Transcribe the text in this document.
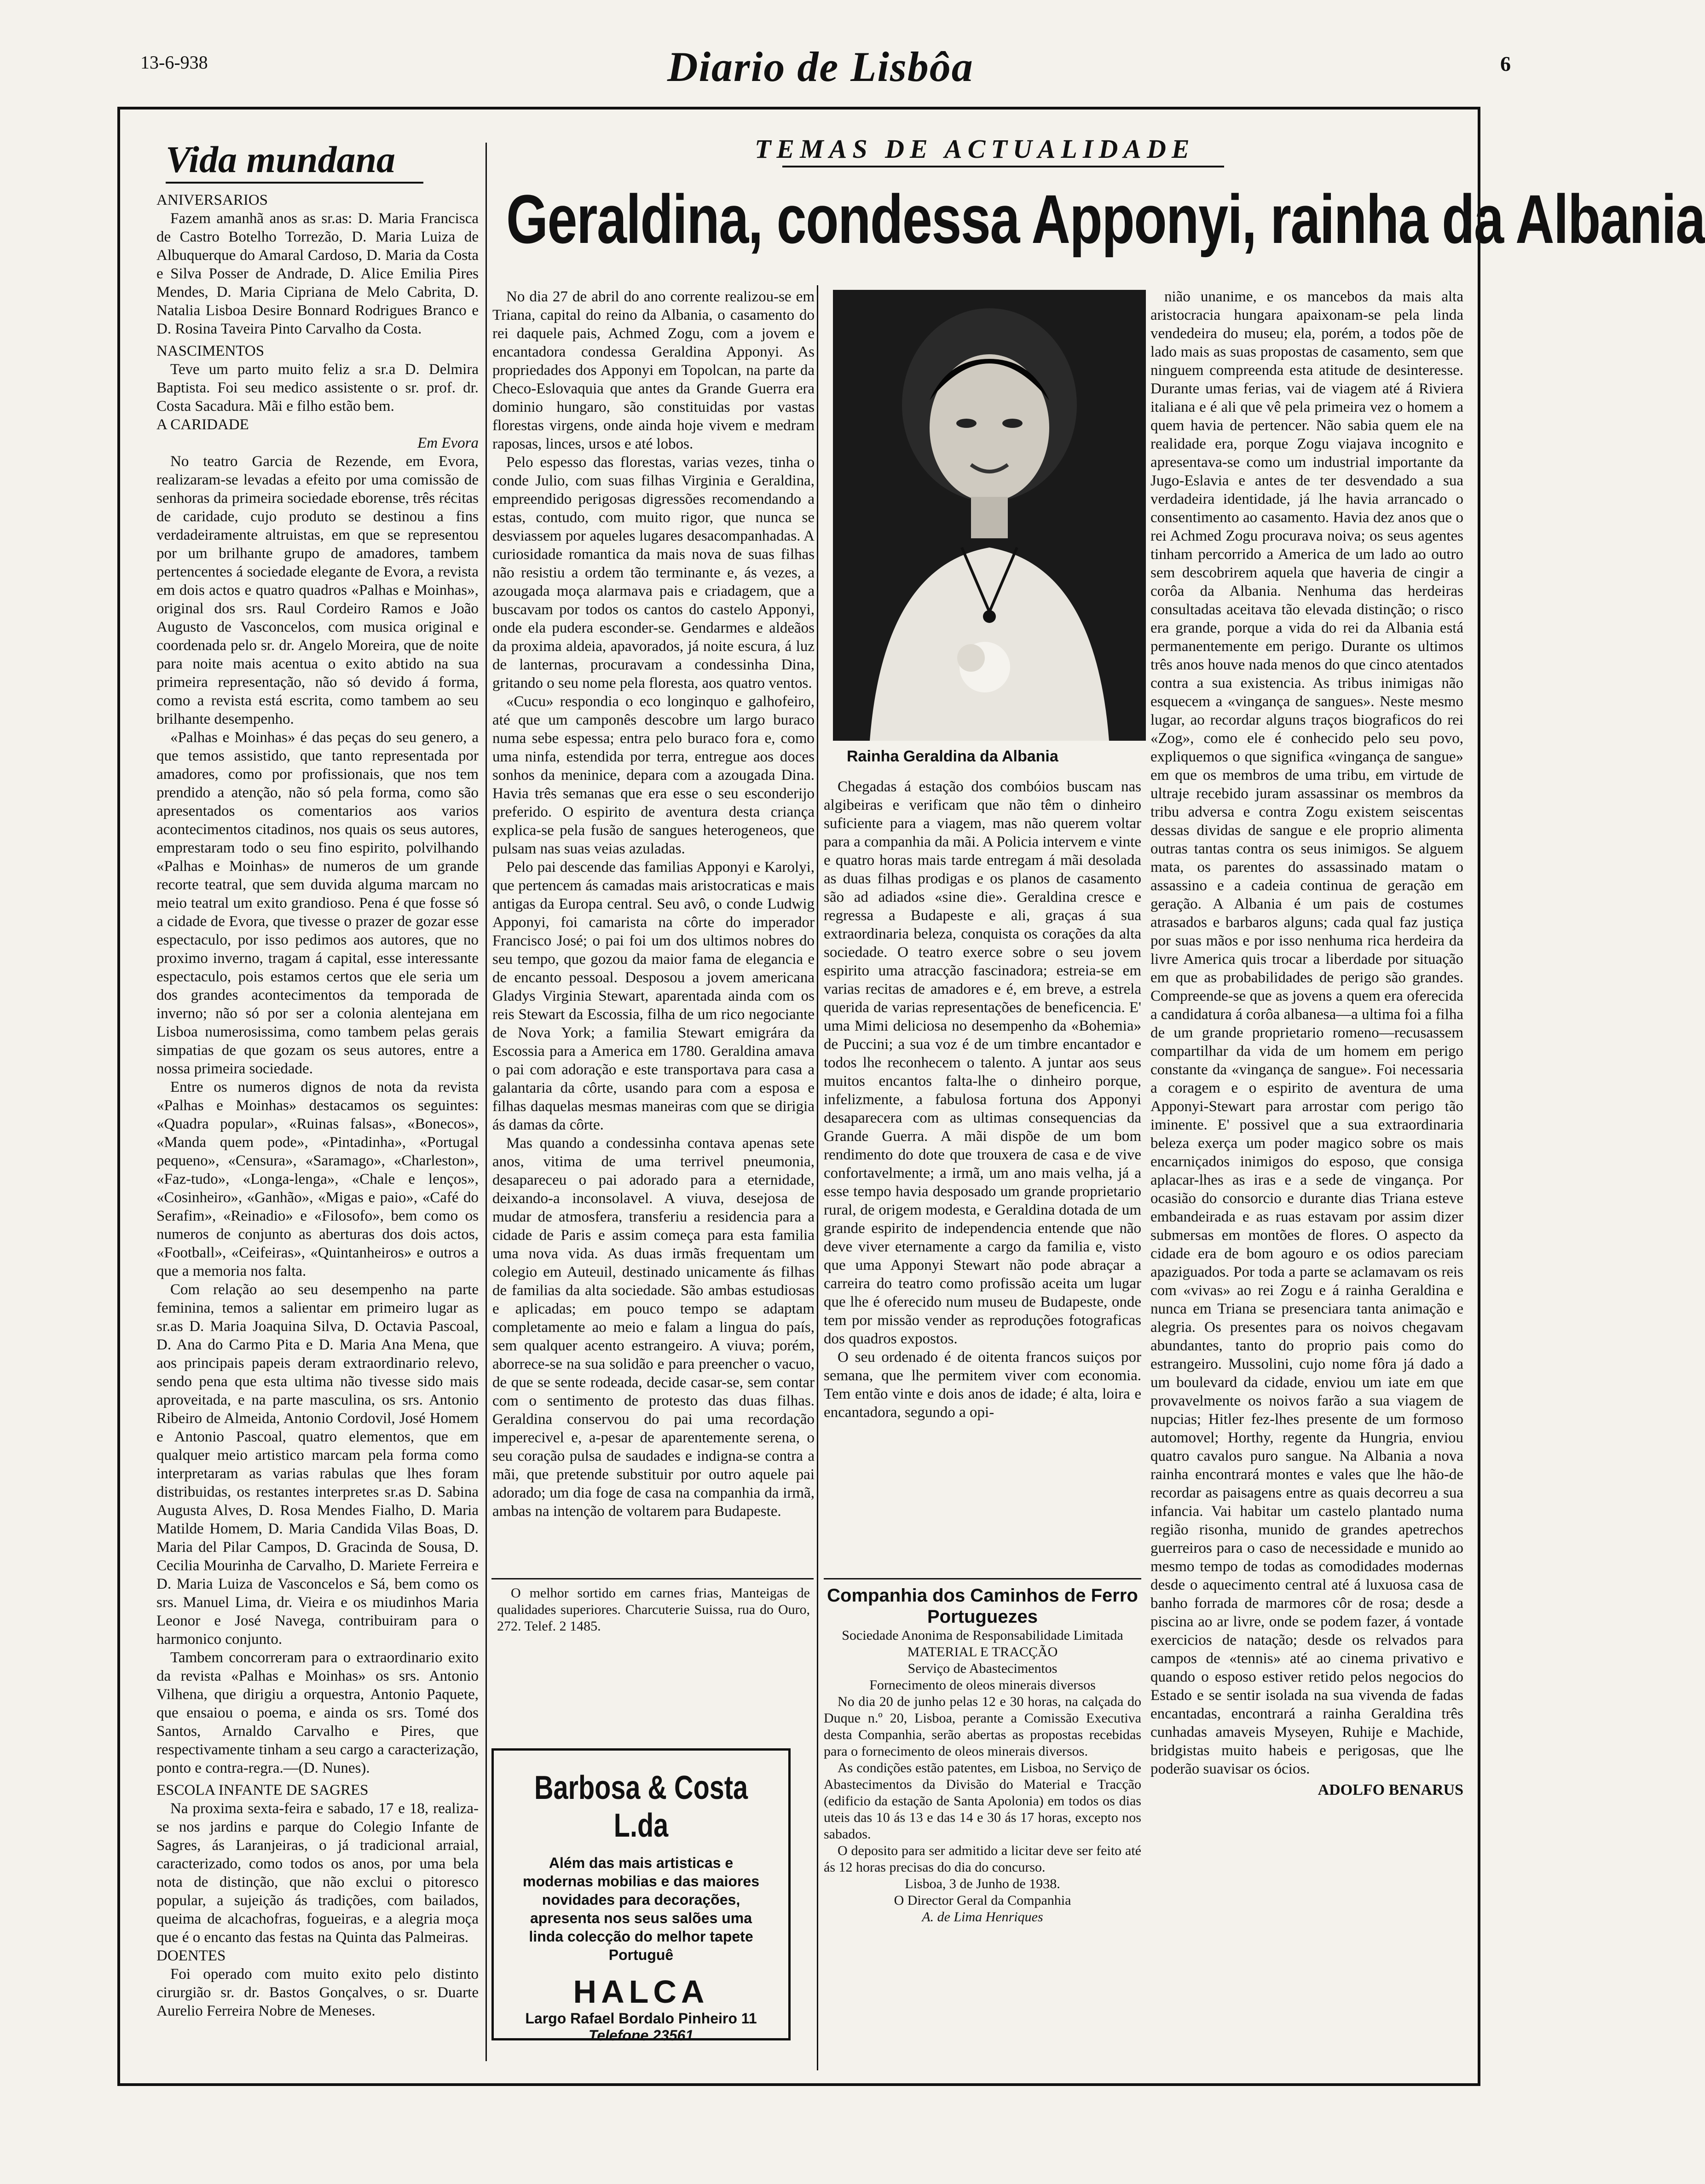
13-6-938	Diario de Lisbôa	6
Vida mundana
ANIVERSARIOS

Fazem amanhã anos as sr.as: D. Maria Francisca de Castro Botelho Torrezão, D. Maria Luiza de Albuquerque do Amaral Cardoso, D. Maria da Costa e Silva Posser de Andrade, D. Alice Emilia Pires Mendes, D. Maria Cipriana de Melo Cabrita, D. Natalia Lisboa Desire Bonnard Rodrigues Branco e D. Rosina Taveira Pinto Carvalho da Costa.

NASCIMENTOS

Teve um parto muito feliz a sr.a D. Delmira Baptista. Foi seu medico assistente o sr. prof. dr. Costa Sacadura. Mãi e filho estão bem.

A CARIDADE
Em Evora

No teatro Garcia de Rezende, em Evora, realizaram-se levadas a efeito por uma comissão de senhoras da primeira sociedade eborense, três récitas de caridade, cujo produto se destinou a fins verdadeiramente altruistas, em que se representou por um brilhante grupo de amadores, tambem pertencentes á sociedade elegante de Evora, a revista em dois actos e quatro quadros «Palhas e Moinhas», original dos srs. Raul Cordeiro Ramos e João Augusto de Vasconcelos, com musica original e coordenada pelo sr. dr. Angelo Moreira, que de noite para noite mais acentua o exito abtido na sua primeira representação, não só devido á forma, como a revista está escrita, como tambem ao seu brilhante desempenho.

«Palhas e Moinhas» é das peças do seu genero, a que temos assistido, que tanto representada por amadores, como por profissionais, que nos tem prendido a atenção, não só pela forma, como são apresentados os comentarios aos varios acontecimentos citadinos, nos quais os seus autores, emprestaram todo o seu fino espirito, polvilhando «Palhas e Moinhas» de numeros de um grande recorte teatral, que sem duvida alguma marcam no meio teatral um exito grandioso. Pena é que fosse só a cidade de Evora, que tivesse o prazer de gozar esse espectaculo, por isso pedimos aos autores, que no proximo inverno, tragam á capital, esse interessante espectaculo, pois estamos certos que ele seria um dos grandes acontecimentos da temporada de inverno; não só por ser a colonia alentejana em Lisboa numerosissima, como tambem pelas gerais simpatias de que gozam os seus autores, entre a nossa primeira sociedade.

Entre os numeros dignos de nota da revista «Palhas e Moinhas» destacamos os seguintes: «Quadra popular», «Ruinas falsas», «Bonecos», «Manda quem pode», «Pintadinha», «Portugal pequeno», «Censura», «Saramago», «Charleston», «Faz-tudo», «Longa-lenga», «Chale e lenços», «Cosinheiro», «Ganhão», «Migas e paio», «Café do Serafim», «Reinadio» e «Filosofo», bem como os numeros de conjunto as aberturas dos dois actos, «Football», «Ceifeiras», «Quintanheiros» e outros a que a memoria nos falta.

Com relação ao seu desempenho na parte feminina, temos a salientar em primeiro lugar as sr.as D. Maria Joaquina Silva, D. Octavia Pascoal, D. Ana do Carmo Pita e D. Maria Ana Mena, que aos principais papeis deram extraordinario relevo, sendo pena que esta ultima não tivesse sido mais aproveitada, e na parte masculina, os srs. Antonio Ribeiro de Almeida, Antonio Cordovil, José Homem e Antonio Pascoal, quatro elementos, que em qualquer meio artistico marcam pela forma como interpretaram as varias rabulas que lhes foram distribuidas, os restantes interpretes sr.as D. Sabina Augusta Alves, D. Rosa Mendes Fialho, D. Maria Matilde Homem, D. Maria Candida Vilas Boas, D. Maria del Pilar Campos, D. Gracinda de Sousa, D. Cecilia Mourinha de Carvalho, D. Mariete Ferreira e D. Maria Luiza de Vasconcelos e Sá, bem como os srs. Manuel Lima, dr. Vieira e os miudinhos Maria Leonor e José Navega, contribuiram para o harmonico conjunto.

Tambem concorreram para o extraordinario exito da revista «Palhas e Moinhas» os srs. Antonio Vilhena, que dirigiu a orquestra, Antonio Paquete, que ensaiou o poema, e ainda os srs. Tomé dos Santos, Arnaldo Carvalho e Pires, que respectivamente tinham a seu cargo a caracterização, ponto e contra-regra.—(D. Nunes).

ESCOLA INFANTE DE SAGRES

Na proxima sexta-feira e sabado, 17 e 18, realiza-se nos jardins e parque do Colegio Infante de Sagres, ás Laranjeiras, o já tradicional arraial, caracterizado, como todos os anos, por uma bela nota de distinção, que não exclui o pitoresco popular, a sujeição ás tradições, com bailados, queima de alcachofras, fogueiras, e a alegria moça que é o encanto das festas na Quinta das Palmeiras.

DOENTES

Foi operado com muito exito pelo distinto cirurgião sr. dr. Bastos Gonçalves, o sr. Duarte Aurelio Ferreira Nobre de Meneses.

TEMAS DE ACTUALIDADE
Geraldina, condessa Apponyi, rainha da Albania
Rainha Geraldina da Albania

No dia 27 de abril do ano corrente realizou-se em Triana, capital do reino da Albania, o casamento do rei daquele pais, Achmed Zogu, com a jovem e encantadora condessa Geraldina Apponyi. As propriedades dos Apponyi em Topolcan, na parte da Checo-Eslovaquia que antes da Grande Guerra era dominio hungaro, são constituidas por vastas florestas virgens, onde ainda hoje vivem e medram raposas, linces, ursos e até lobos.

Pelo espesso das florestas, varias vezes, tinha o conde Julio, com suas filhas Virginia e Geraldina, empreendido perigosas digressões recomendando a estas, contudo, com muito rigor, que nunca se desviassem por aqueles lugares desacompanhadas. A curiosidade romantica da mais nova de suas filhas não resistiu a ordem tão terminante e, ás vezes, a azougada moça alarmava pais e criadagem, que a buscavam por todos os cantos do castelo Apponyi, onde ela pudera esconder-se. Gendarmes e aldeãos da proxima aldeia, apavorados, já noite escura, á luz de lanternas, procuravam a condessinha Dina, gritando o seu nome pela floresta, aos quatro ventos.

«Cucu» respondia o eco longinquo e galhofeiro, até que um camponês descobre um largo buraco numa sebe espessa; entra pelo buraco fora e, como uma ninfa, estendida por terra, entregue aos doces sonhos da meninice, depara com a azougada Dina. Havia três semanas que era esse o seu esconderijo preferido. O espirito de aventura desta criança explica-se pela fusão de sangues heterogeneos, que pulsam nas suas veias azuladas.

Pelo pai descende das familias Apponyi e Karolyi, que pertencem ás camadas mais aristocraticas e mais antigas da Europa central. Seu avô, o conde Ludwig Apponyi, foi camarista na côrte do imperador Francisco José; o pai foi um dos ultimos nobres do seu tempo, que gozou da maior fama de elegancia e de encanto pessoal. Desposou a jovem americana Gladys Virginia Stewart, aparentada ainda com os reis Stewart da Escossia, filha de um rico negociante de Nova York; a familia Stewart emigrára da Escossia para a America em 1780. Geraldina amava o pai com adoração e este transportava para casa a galantaria da côrte, usando para com a esposa e filhas daquelas mesmas maneiras com que se dirigia ás damas da côrte.

Mas quando a condessinha contava apenas sete anos, vitima de uma terrivel pneumonia, desapareceu o pai adorado para a eternidade, deixando-a inconsolavel. A viuva, desejosa de mudar de atmosfera, transferiu a residencia para a cidade de Paris e assim começa para esta familia uma nova vida. As duas irmãs frequentam um colegio em Auteuil, destinado unicamente ás filhas de familias da alta sociedade. São ambas estudiosas e aplicadas; em pouco tempo se adaptam completamente ao meio e falam a lingua do país, sem qualquer acento estrangeiro. A viuva; porém, aborrece-se na sua solidão e para preencher o vacuo, de que se sente rodeada, decide casar-se, sem contar com o sentimento de protesto das duas filhas. Geraldina conservou do pai uma recordação imperecivel e, a-pesar de aparentemente serena, o seu coração pulsa de saudades e indigna-se contra a mãi, que pretende substituir por outro aquele pai adorado; um dia foge de casa na companhia da irmã, ambas na intenção de voltarem para Budapeste.

Chegadas á estação dos combóios buscam nas algibeiras e verificam que não têm o dinheiro suficiente para a viagem, mas não querem voltar para a companhia da mãi. A Policia intervem e vinte e quatro horas mais tarde entregam á mãi desolada as duas filhas prodigas e os planos de casamento são ad adiados «sine die». Geraldina cresce e regressa a Budapeste e ali, graças á sua extraordinaria beleza, conquista os corações da alta sociedade. O teatro exerce sobre o seu jovem espirito uma atracção fascinadora; estreia-se em varias recitas de amadores e é, em breve, a estrela querida de varias representações de beneficencia. E' uma Mimi deliciosa no desempenho da «Bohemia» de Puccini; a sua voz é de um timbre encantador e todos lhe reconhecem o talento. A juntar aos seus muitos encantos falta-lhe o dinheiro porque, infelizmente, a fabulosa fortuna dos Apponyi desaparecera com as ultimas consequencias da Grande Guerra. A mãi dispõe de um bom rendimento do dote que trouxera de casa e de vive confortavelmente; a irmã, um ano mais velha, já a esse tempo havia desposado um grande proprietario rural, de origem modesta, e Geraldina dotada de um grande espirito de independencia entende que não deve viver eternamente a cargo da familia e, visto que uma Apponyi Stewart não pode abraçar a carreira do teatro como profissão aceita um lugar que lhe é oferecido num museu de Budapeste, onde tem por missão vender as reproduções fotograficas dos quadros expostos.

O seu ordenado é de oitenta francos suiços por semana, que lhe permitem viver com economia. Tem então vinte e dois anos de idade; é alta, loira e encantadora, segundo a opi-

nião unanime, e os mancebos da mais alta aristocracia hungara apaixonam-se pela linda vendedeira do museu; ela, porém, a todos põe de lado mais as suas propostas de casamento, sem que ninguem compreenda esta atitude de desinteresse. Durante umas ferias, vai de viagem até á Riviera italiana e é ali que vê pela primeira vez o homem a quem havia de pertencer. Não sabia quem ele na realidade era, porque Zogu viajava incognito e apresentava-se como um industrial importante da Jugo-Eslavia e antes de ter desvendado a sua verdadeira identidade, já lhe havia arrancado o consentimento ao casamento. Havia dez anos que o rei Achmed Zogu procurava noiva; os seus agentes tinham percorrido a America de um lado ao outro sem descobrirem aquela que haveria de cingir a corôa da Albania. Nenhuma das herdeiras consultadas aceitava tão elevada distinção; o risco era grande, porque a vida do rei da Albania está permanentemente em perigo. Durante os ultimos três anos houve nada menos do que cinco atentados contra a sua existencia. As tribus inimigas não esquecem a «vingança de sangues». Neste mesmo lugar, ao recordar alguns traços biograficos do rei «Zog», como ele é conhecido pelo seu povo, expliquemos o que significa «vingança de sangue» em que os membros de uma tribu, em virtude de ultraje recebido juram assassinar os membros da tribu adversa e contra Zogu existem seiscentas dessas dividas de sangue e ele proprio alimenta outras tantas contra os seus inimigos. Se alguem mata, os parentes do assassinado matam o assassino e a cadeia continua de geração em geração. A Albania é um pais de costumes atrasados e barbaros alguns; cada qual faz justiça por suas mãos e por isso nenhuma rica herdeira da livre America quis trocar a liberdade por situação em que as probabilidades de perigo são grandes. Compreende-se que as jovens a quem era oferecida a candidatura á corôa albanesa—a ultima foi a filha de um grande proprietario romeno—recusassem compartilhar da vida de um homem em perigo constante da «vingança de sangue». Foi necessaria a coragem e o espirito de aventura de uma Apponyi-Stewart para arrostar com perigo tão iminente. E' possivel que a sua extraordinaria beleza exerça um poder magico sobre os mais encarniçados inimigos do esposo, que consiga aplacar-lhes as iras e a sede de vingança. Por ocasião do consorcio e durante dias Triana esteve embandeirada e as ruas estavam por assim dizer submersas em montões de flores. O aspecto da cidade era de bom agouro e os odios pareciam apaziguados. Por toda a parte se aclamavam os reis com «vivas» ao rei Zogu e á rainha Geraldina e nunca em Triana se presenciara tanta animação e alegria. Os presentes para os noivos chegavam abundantes, tanto do proprio pais como do estrangeiro. Mussolini, cujo nome fôra já dado a um boulevard da cidade, enviou um iate em que provavelmente os noivos farão a sua viagem de nupcias; Hitler fez-lhes presente de um formoso automovel; Horthy, regente da Hungria, enviou quatro cavalos puro sangue. Na Albania a nova rainha encontrará montes e vales que lhe hão-de recordar as paisagens entre as quais decorreu a sua infancia. Vai habitar um castelo plantado numa região risonha, munido de grandes apetrechos guerreiros para o caso de necessidade e munido ao mesmo tempo de todas as comodidades modernas desde o aquecimento central até á luxuosa casa de banho forrada de marmores côr de rosa; desde a piscina ao ar livre, onde se podem fazer, á vontade exercicios de natação; desde os relvados para campos de «tennis» até ao cinema privativo e quando o esposo estiver retido pelos negocios do Estado e se sentir isolada na sua vivenda de fadas encantadas, encontrará a rainha Geraldina três cunhadas amaveis Myseyen, Ruhije e Machide, bridgistas muito habeis e perigosas, que lhe poderão suavisar os ócios.

ADOLFO BENARUS

O melhor sortido em carnes frias, Manteigas de qualidades superiores. Charcuterie Suissa, rua do Ouro, 272. Telef. 2 1485.

Barbosa & Costa L.da
Além das mais artisticas e modernas mobilias e das maiores novidades para decorações, apresenta nos seus salões uma linda colecção do melhor tapete Portuguê
HALCA
Largo Rafael Bordalo Pinheiro 11
Telefone 23561
Companhia dos Caminhos de Ferro Portuguezes
Sociedade Anonima de Responsabilidade Limitada
MATERIAL E TRACÇÃO
Serviço de Abastecimentos
Fornecimento de oleos minerais diversos

No dia 20 de junho pelas 12 e 30 horas, na calçada do Duque n.º 20, Lisboa, perante a Comissão Executiva desta Companhia, serão abertas as propostas recebidas para o fornecimento de oleos minerais diversos.

As condições estão patentes, em Lisboa, no Serviço de Abastecimentos da Divisão do Material e Tracção (edificio da estação de Santa Apolonia) em todos os dias uteis das 10 ás 13 e das 14 e 30 ás 17 horas, excepto nos sabados.

O deposito para ser admitido a licitar deve ser feito até ás 12 horas precisas do dia do concurso.

Lisboa, 3 de Junho de 1938.
O Director Geral da Companhia
A. de Lima Henriques
